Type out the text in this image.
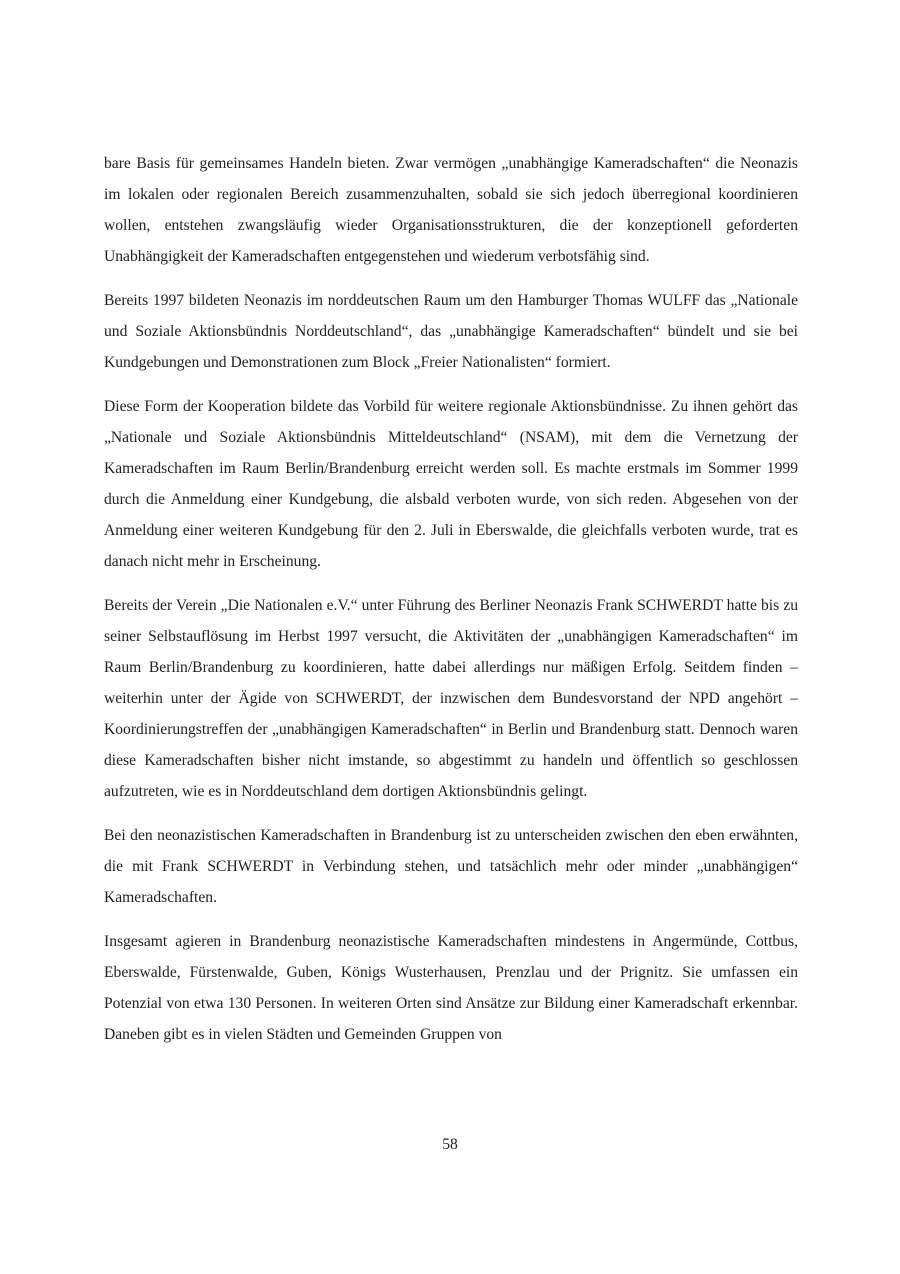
bare Basis für gemeinsames Handeln bieten. Zwar vermögen „unabhängige Kameradschaften“ die Neonazis im lokalen oder regionalen Bereich zusammenzuhalten, sobald sie sich jedoch überregional koordinieren wollen, entstehen zwangsläufig wieder Organisationsstrukturen, die der konzeptionell geforderten Unabhängigkeit der Kameradschaften entgegenstehen und wiederum verbotsfähig sind.

Bereits 1997 bildeten Neonazis im norddeutschen Raum um den Hamburger Thomas WULFF das „Nationale und Soziale Aktionsbündnis Norddeutschland“, das „unabhängige Kameradschaften“ bündelt und sie bei Kundgebungen und Demonstrationen zum Block „Freier Nationalisten“ formiert.

Diese Form der Kooperation bildete das Vorbild für weitere regionale Aktionsbündnisse. Zu ihnen gehört das „Nationale und Soziale Aktionsbündnis Mitteldeutschland“ (NSAM), mit dem die Vernetzung der Kameradschaften im Raum Berlin/Brandenburg erreicht werden soll. Es machte erstmals im Sommer 1999 durch die Anmeldung einer Kundgebung, die alsbald verboten wurde, von sich reden. Abgesehen von der Anmeldung einer weiteren Kundgebung für den 2. Juli in Eberswalde, die gleichfalls verboten wurde, trat es danach nicht mehr in Erscheinung.

Bereits der Verein „Die Nationalen e.V.“ unter Führung des Berliner Neonazis Frank SCHWERDT hatte bis zu seiner Selbstauflösung im Herbst 1997 versucht, die Aktivitäten der „unabhängigen Kameradschaften“ im Raum Berlin/Brandenburg zu koordinieren, hatte dabei allerdings nur mäßigen Erfolg. Seitdem finden – weiterhin unter der Ägide von SCHWERDT, der inzwischen dem Bundesvorstand der NPD angehört – Koordinierungstreffen der „unabhängigen Kameradschaften“ in Berlin und Brandenburg statt. Dennoch waren diese Kameradschaften bisher nicht imstande, so abgestimmt zu handeln und öffentlich so geschlossen aufzutreten, wie es in Norddeutschland dem dortigen Aktionsbündnis gelingt.

Bei den neonazistischen Kameradschaften in Brandenburg ist zu unterscheiden zwischen den eben erwähnten, die mit Frank SCHWERDT in Verbindung stehen, und tatsächlich mehr oder minder „unabhängigen“ Kameradschaften.

Insgesamt agieren in Brandenburg neonazistische Kameradschaften mindestens in Angermünde, Cottbus, Eberswalde, Fürstenwalde, Guben, Königs Wusterhausen, Prenzlau und der Prignitz. Sie umfassen ein Potenzial von etwa 130 Personen. In weiteren Orten sind Ansätze zur Bildung einer Kameradschaft erkennbar. Daneben gibt es in vielen Städten und Gemeinden Gruppen von

58
